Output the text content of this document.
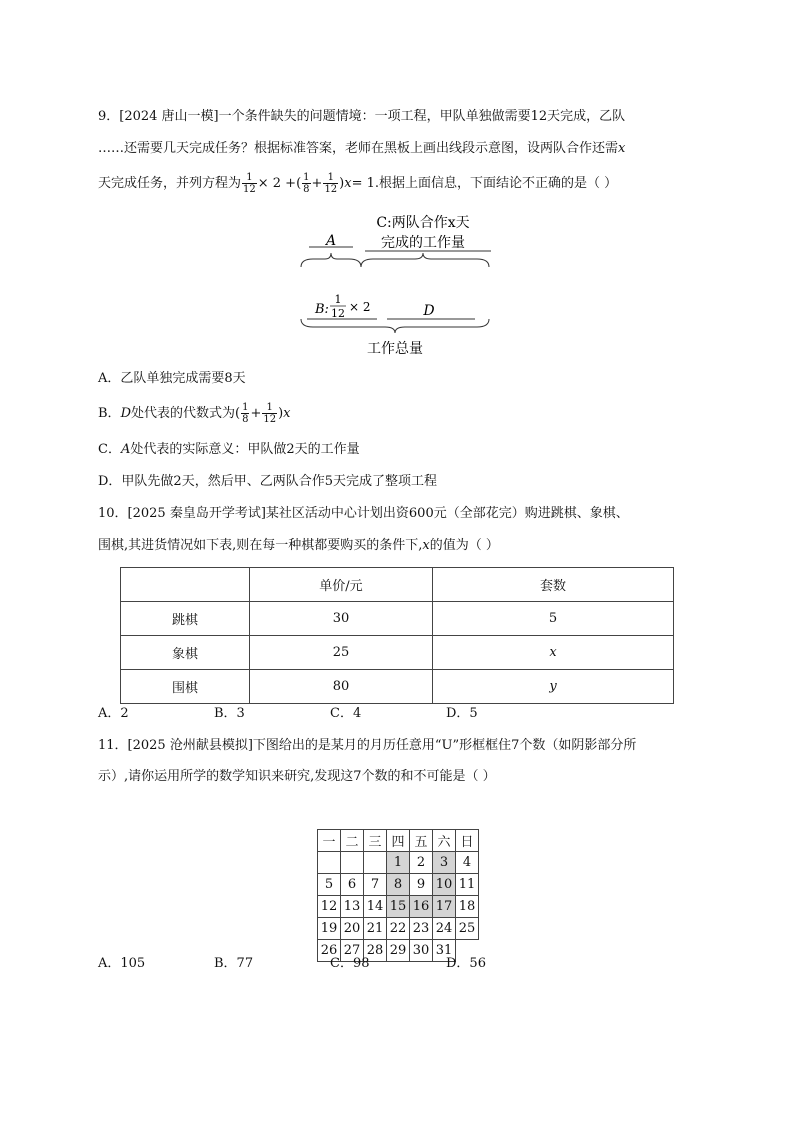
9．[2024 唐山一模]一个条件缺失的问题情境：一项工程，甲队单独做需要12天完成，乙队
……还需要几天完成任务？根据标准答案，老师在黑板上画出线段示意图，设两队合作还需x
天完成任务，并列方程为 $\frac{1}{12} \times 2$ +( $\frac{1}{8} + \frac{1}{12} )x= 1$.根据上面信息，下面结论不正确的是（ ）
A
C:两队合作x天
完成的工作量
B:
1
12 × 2	D
工作总量
A．乙队单独完成需要8天
B．D处代表的代数式为( $\frac{1}{8} + \frac{1}{12} )x$
C．A处代表的实际意义：甲队做2天的工作量
D．甲队先做2天，然后甲、乙两队合作5天完成了整项工程
10．[2025 秦皇岛开学考试]某社区活动中心计划出资600元（全部花完）购进跳棋、象棋、
围棋,其进货情况如下表,则在每一种棋都要购买的条件下,x的值为（ ）
	单价/元	套数
跳棋	30	5
象棋	25	x
围棋	80	y
A．2	B．3	C．4	D．5
11．[2025 沧州献县模拟]下图给出的是某月的月历任意用“U”形框框住7个数（如阴影部分所
示）,请你运用所学的数学知识来研究,发现这7个数的和不可能是（ ）
一	二	三	四	五	六	日
			1	2	3	4
5	6	7	8	9	10	11
12	13	14	15	16	17	18
19	20	21	22	23	24	25
26	27	28	29	30	31	
A．105	B．77	C．98	D．56
